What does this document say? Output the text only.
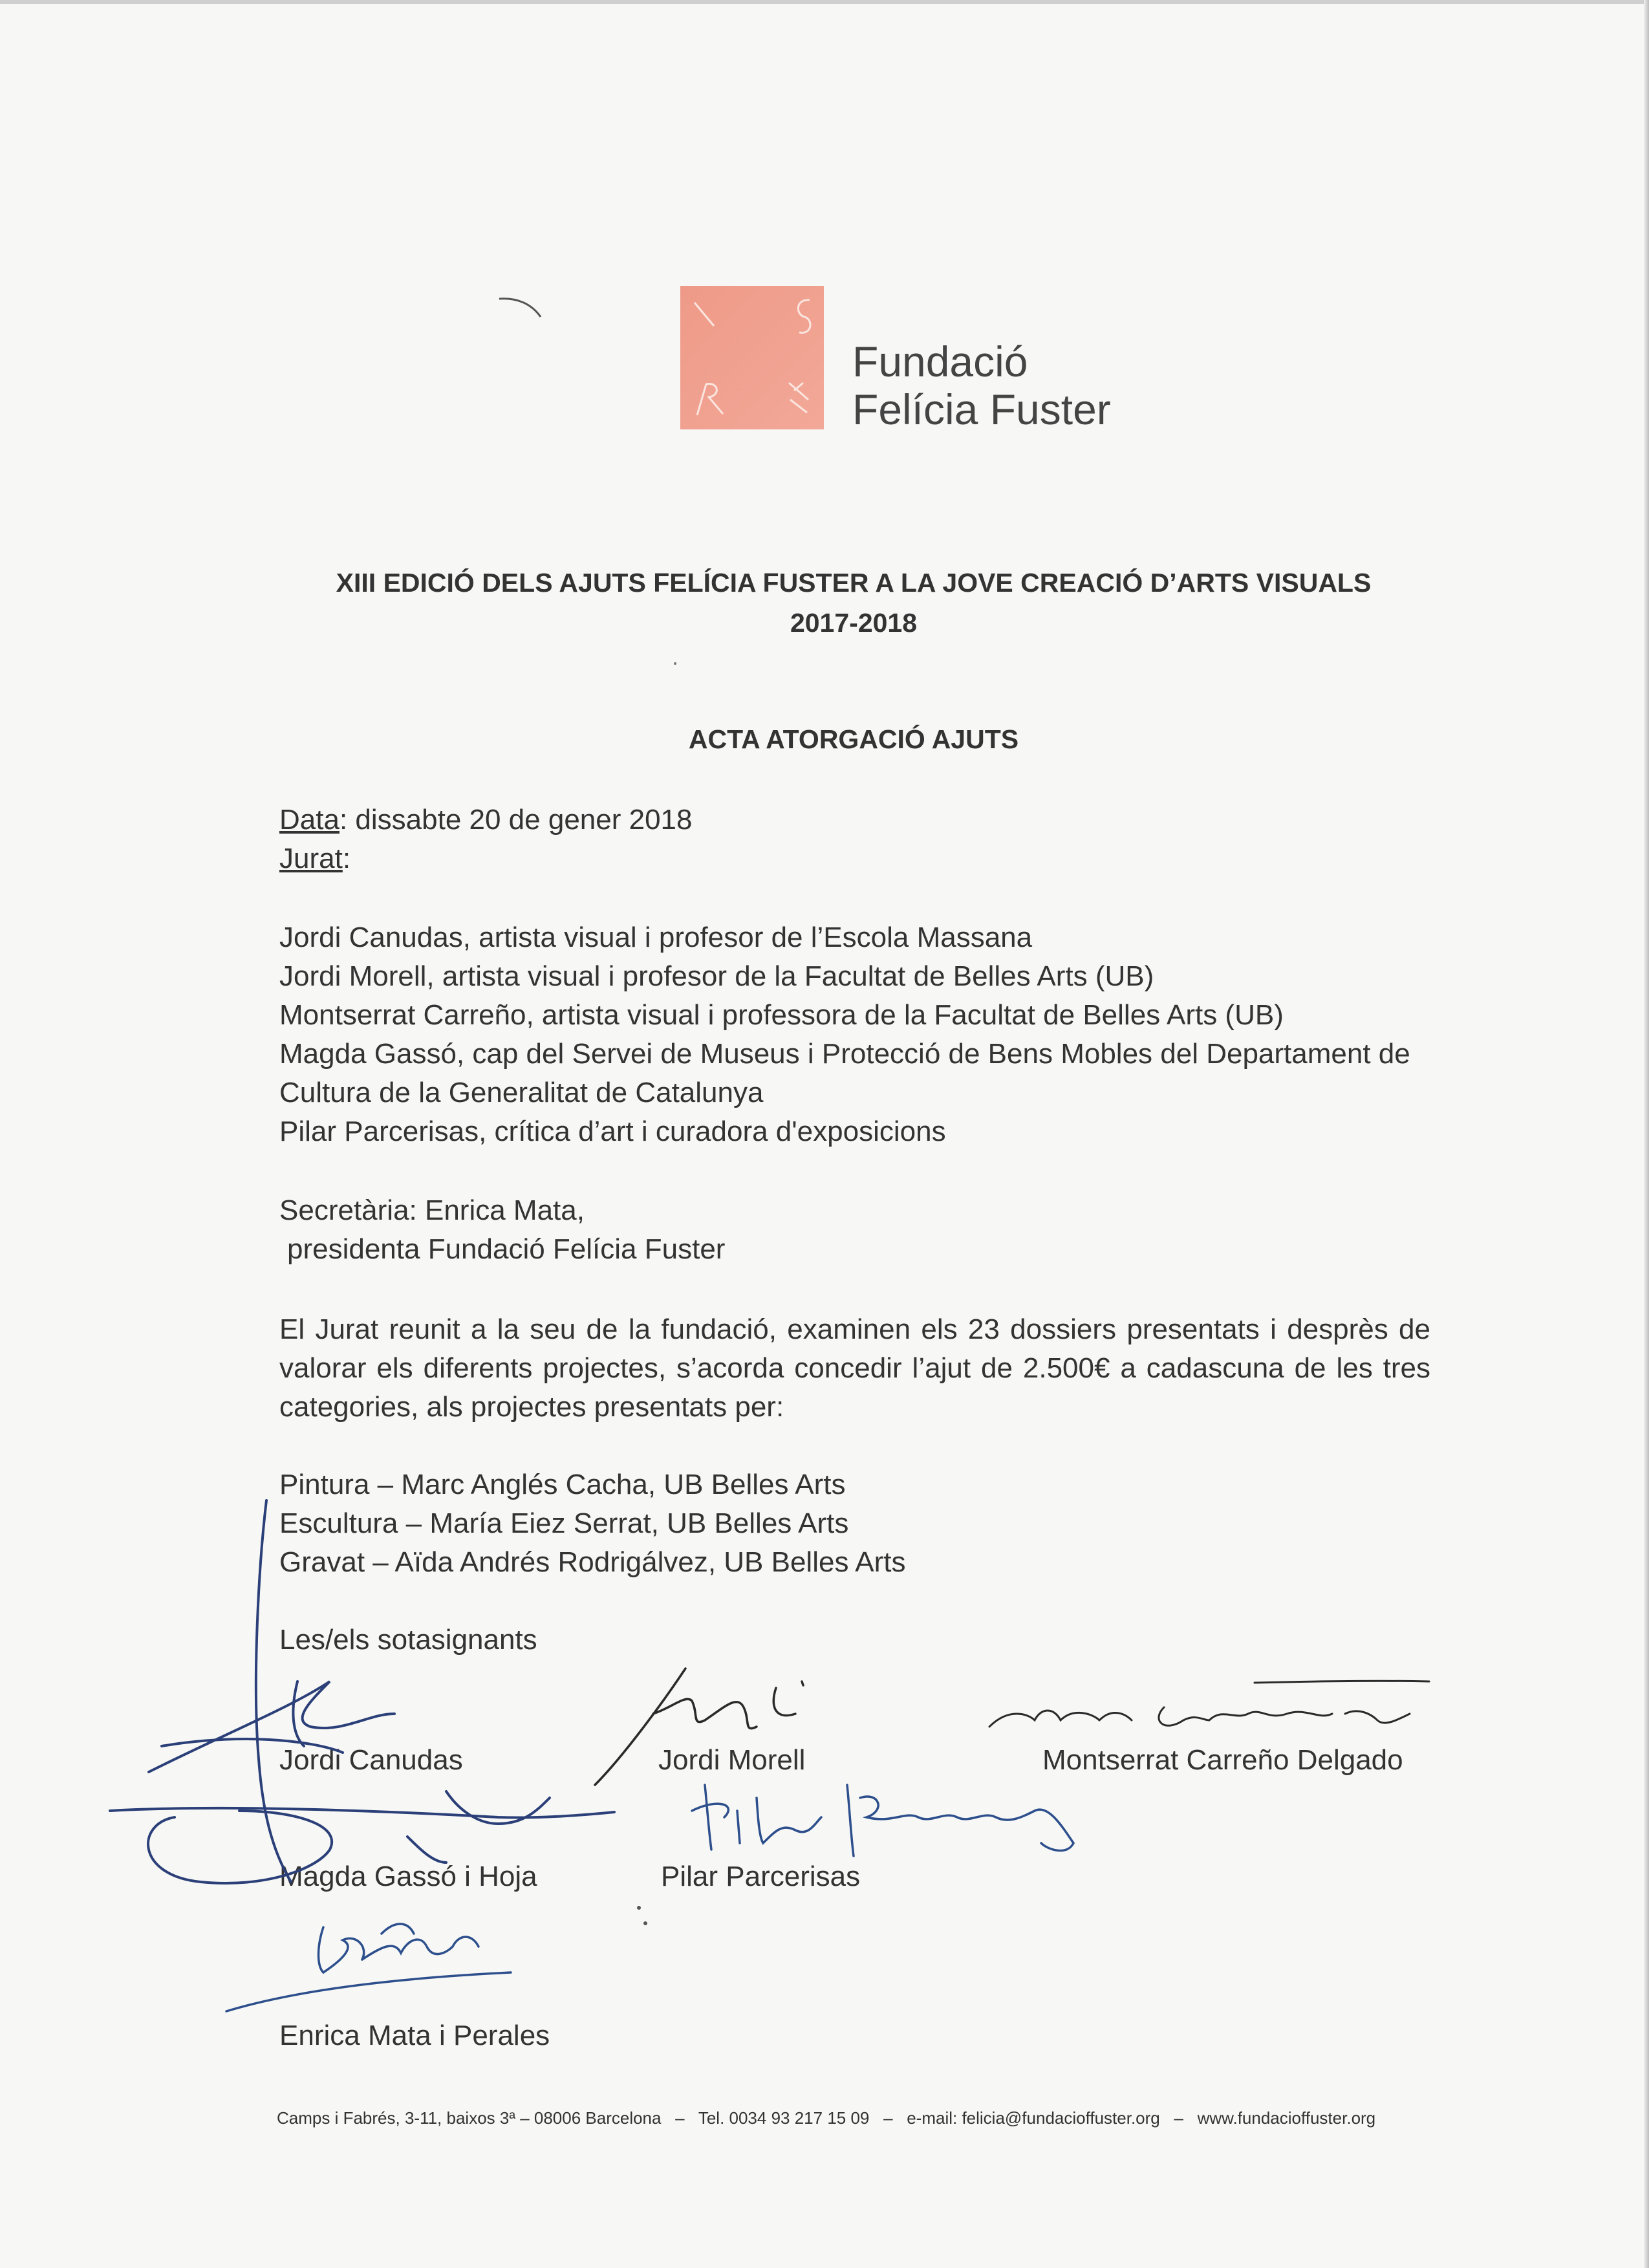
Fundació
Felícia Fuster
XIII EDICIÓ DELS AJUTS FELÍCIA FUSTER A LA JOVE CREACIÓ D’ARTS VISUALS
2017-2018
ACTA ATORGACIÓ AJUTS
Data: dissabte 20 de gener 2018
Jurat:
Jordi Canudas, artista visual i profesor de l’Escola Massana
Jordi Morell, artista visual i profesor de la Facultat de Belles Arts (UB)
Montserrat Carreño, artista visual i professora de la Facultat de Belles Arts (UB)
Magda Gassó, cap del Servei de Museus i Protecció de Bens Mobles del Departament de Cultura de la Generalitat de Catalunya
Pilar Parcerisas, crítica d’art i curadora d'exposicions
Secretària: Enrica Mata,
presidenta Fundació Felícia Fuster
El Jurat reunit a la seu de la fundació, examinen els 23 dossiers presentats i desprès de valorar els diferents projectes, s’acorda concedir l’ajut de 2.500€ a cadascuna de les tres categories, als projectes presentats per:
Pintura – Marc Anglés Cacha, UB Belles Arts
Escultura – María Eiez Serrat, UB Belles Arts
Gravat – Aïda Andrés Rodrigálvez, UB Belles Arts
Les/els sotasignants
Jordi Canudas	Jordi Morell	Montserrat Carreño Delgado
Magda Gassó i Hoja	Pilar Parcerisas
Enrica Mata i Perales
Camps i Fabrés, 3-11, baixos 3ª – 08006 Barcelona – Tel. 0034 93 217 15 09 – e-mail: felicia@fundacioffuster.org – www.fundacioffuster.org
